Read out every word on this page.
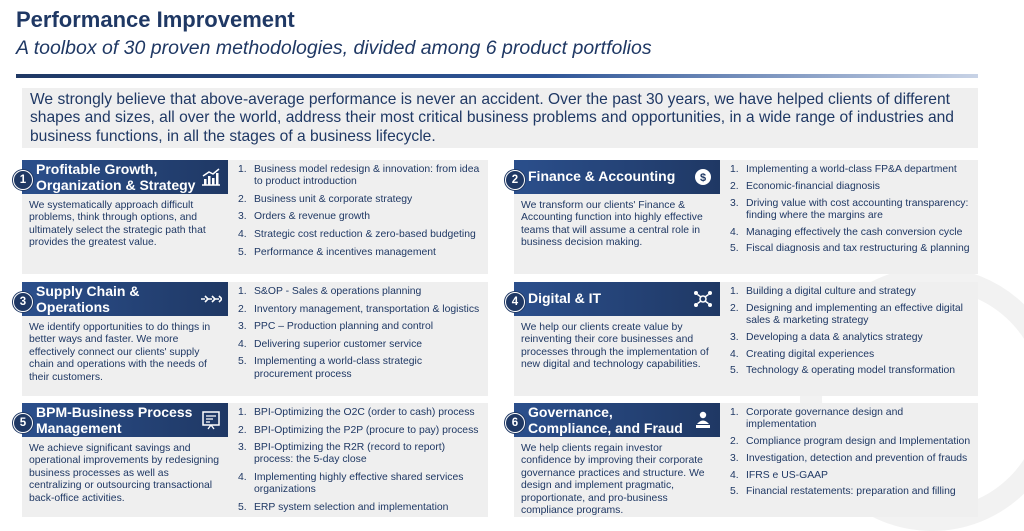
Performance Improvement
A toolbox of 30 proven methodologies, divided among 6 product portfolios
We strongly believe that above-average performance is never an accident. Over the past 30 years, we have helped clients of different shapes and sizes, all over the world, address their most critical business problems and opportunities, in a wide range of industries and business functions, in all the stages of a business lifecycle.
Profitable Growth, Organization & Strategy
1
We systematically approach difficult problems, think through options, and ultimately select the strategic path that provides the greatest value.
1. Business model redesign & innovation: from idea to product introduction
2. Business unit & corporate strategy
3. Orders & revenue growth
4. Strategic cost reduction & zero-based budgeting
5. Performance & incentives management
Finance & Accounting	$
2
We transform our clients' Finance & Accounting function into highly effective teams that will assume a central role in business decision making.
1. Implementing a world-class FP&A department
2. Economic-financial diagnosis
3. Driving value with cost accounting transparency: finding where the margins are
4. Managing effectively the cash conversion cycle
5. Fiscal diagnosis and tax restructuring & planning
Supply Chain & Operations
3
We identify opportunities to do things in better ways and faster. We more effectively connect our clients' supply chain and operations with the needs of their customers.
1. S&OP - Sales & operations planning
2. Inventory management, transportation & logistics
3. PPC – Production planning and control
4. Delivering superior customer service
5. Implementing a world-class strategic procurement process
Digital & IT
4
We help our clients create value by reinventing their core businesses and processes through the implementation of new digital and technology capabilities.
1. Building a digital culture and strategy
2. Designing and implementing an effective digital sales & marketing strategy
3. Developing a data & analytics strategy
4. Creating digital experiences
5. Technology & operating model transformation
BPM-Business Process Management
5
We achieve significant savings and operational improvements by redesigning business processes as well as centralizing or outsourcing transactional back-office activities.
1. BPI-Optimizing the O2C (order to cash) process
2. BPI-Optimizing the P2P (procure to pay) process
3. BPI-Optimizing the R2R (record to report) process: the 5-day close
4. Implementing highly effective shared services organizations
5. ERP system selection and implementation
Governance, Compliance, and Fraud
6
We help clients regain investor confidence by improving their corporate governance practices and structure. We design and implement pragmatic, proportionate, and pro-business compliance programs.
1. Corporate governance design and implementation
2. Compliance program design and Implementation
3. Investigation, detection and prevention of frauds
4. IFRS e US-GAAP
5. Financial restatements: preparation and filling
